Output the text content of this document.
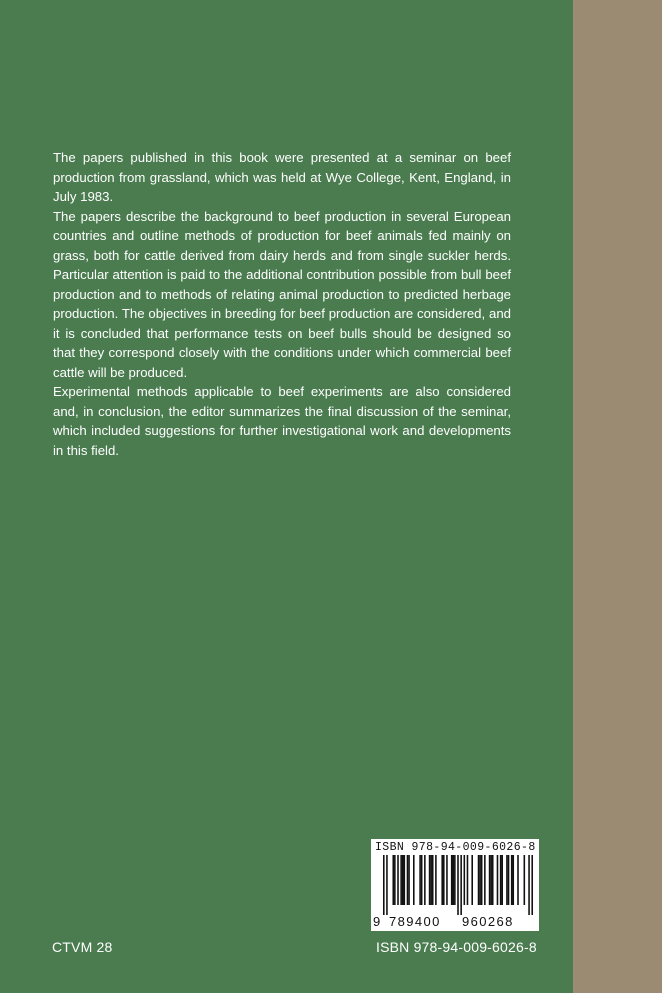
The papers published in this book were presented at a seminar on beef production from grassland, which was held at Wye College, Kent, England, in July 1983.

The papers describe the background to beef production in several European countries and outline methods of production for beef animals fed mainly on grass, both for cattle derived from dairy herds and from single suckler herds. Particular attention is paid to the additional contribution possible from bull beef production and to methods of relating animal production to predicted herbage production. The objectives in breeding for beef production are considered, and it is concluded that performance tests on beef bulls should be designed so that they correspond closely with the conditions under which commercial beef cattle will be produced.

Experimental methods applicable to beef experiments are also considered and, in conclusion, the editor summarizes the final discussion of the seminar, which included suggestions for further investigational work and developments in this field.

ISBN 978-94-009-6026-8
9 789400 960268
CTVM 28	ISBN 978-94-009-6026-8
